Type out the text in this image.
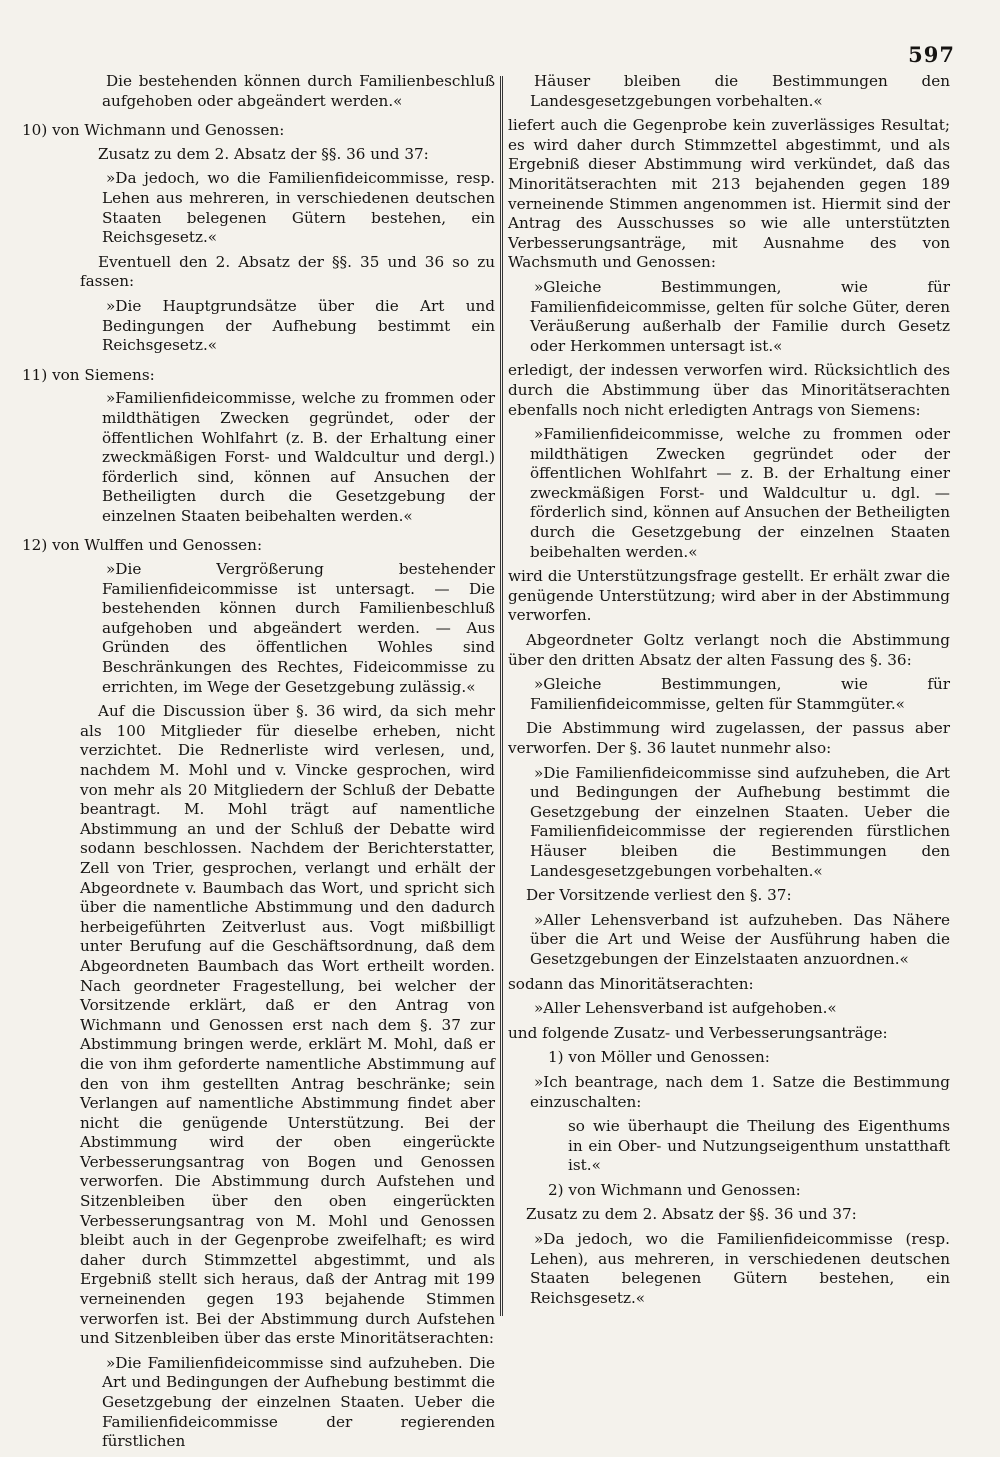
597

Die bestehenden können durch Familienbeschluß aufgehoben oder abgeändert werden.«

10) von Wichmann und Genossen:

Zusatz zu dem 2. Absatz der §§. 36 und 37:

»Da jedoch, wo die Familienfideicommisse, resp. Lehen aus mehreren, in verschiedenen deutschen Staaten belegenen Gütern bestehen, ein Reichsgesetz.«

Eventuell den 2. Absatz der §§. 35 und 36 so zu fassen:

»Die Hauptgrundsätze über die Art und Bedingungen der Aufhebung bestimmt ein Reichsgesetz.«

11) von Siemens:

»Familienfideicommisse, welche zu frommen oder mildthätigen Zwecken gegründet, oder der öffentlichen Wohlfahrt (z. B. der Erhaltung einer zweckmäßigen Forst- und Waldcultur und dergl.) förderlich sind, können auf Ansuchen der Betheiligten durch die Gesetzgebung der einzelnen Staaten beibehalten werden.«

12) von Wulffen und Genossen:

»Die Vergrößerung bestehender Familienfideicommisse ist untersagt. — Die bestehenden können durch Familienbeschluß aufgehoben und abgeändert werden. — Aus Gründen des öffentlichen Wohles sind Beschränkungen des Rechtes, Fideicommisse zu errichten, im Wege der Gesetzgebung zulässig.«

Auf die Discussion über §. 36 wird, da sich mehr als 100 Mitglieder für dieselbe erheben, nicht verzichtet. Die Rednerliste wird verlesen, und, nachdem M. Mohl und v. Vincke gesprochen, wird von mehr als 20 Mitgliedern der Schluß der Debatte beantragt. M. Mohl trägt auf namentliche Abstimmung an und der Schluß der Debatte wird sodann beschlossen. Nachdem der Berichterstatter, Zell von Trier, gesprochen, verlangt und erhält der Abgeordnete v. Baumbach das Wort, und spricht sich über die namentliche Abstimmung und den dadurch herbeigeführten Zeitverlust aus. Vogt mißbilligt unter Berufung auf die Geschäftsordnung, daß dem Abgeordneten Baumbach das Wort ertheilt worden. Nach geordneter Fragestellung, bei welcher der Vorsitzende erklärt, daß er den Antrag von Wichmann und Genossen erst nach dem §. 37 zur Abstimmung bringen werde, erklärt M. Mohl, daß er die von ihm geforderte namentliche Abstimmung auf den von ihm gestellten Antrag beschränke; sein Verlangen auf namentliche Abstimmung findet aber nicht die genügende Unterstützung. Bei der Abstimmung wird der oben eingerückte Verbesserungsantrag von Bogen und Genossen verworfen. Die Abstimmung durch Aufstehen und Sitzenbleiben über den oben eingerückten Verbesserungsantrag von M. Mohl und Genossen bleibt auch in der Gegenprobe zweifelhaft; es wird daher durch Stimmzettel abgestimmt, und als Ergebniß stellt sich heraus, daß der Antrag mit 199 verneinenden gegen 193 bejahende Stimmen verworfen ist. Bei der Abstimmung durch Aufstehen und Sitzenbleiben über das erste Minoritätserachten:

»Die Familienfideicommisse sind aufzuheben. Die Art und Bedingungen der Aufhebung bestimmt die Gesetzgebung der einzelnen Staaten. Ueber die Familienfideicommisse der regierenden fürstlichen

Häuser bleiben die Bestimmungen den Landesgesetzgebungen vorbehalten.«

liefert auch die Gegenprobe kein zuverlässiges Resultat; es wird daher durch Stimmzettel abgestimmt, und als Ergebniß dieser Abstimmung wird verkündet, daß das Minoritätserachten mit 213 bejahenden gegen 189 verneinende Stimmen angenommen ist. Hiermit sind der Antrag des Ausschusses so wie alle unterstützten Verbesserungsanträge, mit Ausnahme des von Wachsmuth und Genossen:

»Gleiche Bestimmungen, wie für Familienfideicommisse, gelten für solche Güter, deren Veräußerung außerhalb der Familie durch Gesetz oder Herkommen untersagt ist.«

erledigt, der indessen verworfen wird. Rücksichtlich des durch die Abstimmung über das Minoritätserachten ebenfalls noch nicht erledigten Antrags von Siemens:

»Familienfideicommisse, welche zu frommen oder mildthätigen Zwecken gegründet oder der öffentlichen Wohlfahrt — z. B. der Erhaltung einer zweckmäßigen Forst- und Waldcultur u. dgl. — förderlich sind, können auf Ansuchen der Betheiligten durch die Gesetzgebung der einzelnen Staaten beibehalten werden.«

wird die Unterstützungsfrage gestellt. Er erhält zwar die genügende Unterstützung; wird aber in der Abstimmung verworfen.

Abgeordneter Goltz verlangt noch die Abstimmung über den dritten Absatz der alten Fassung des §. 36:

»Gleiche Bestimmungen, wie für Familienfideicommisse, gelten für Stammgüter.«

Die Abstimmung wird zugelassen, der passus aber verworfen. Der §. 36 lautet nunmehr also:

»Die Familienfideicommisse sind aufzuheben, die Art und Bedingungen der Aufhebung bestimmt die Gesetzgebung der einzelnen Staaten. Ueber die Familienfideicommisse der regierenden fürstlichen Häuser bleiben die Bestimmungen den Landesgesetzgebungen vorbehalten.«

Der Vorsitzende verliest den §. 37:

»Aller Lehensverband ist aufzuheben. Das Nähere über die Art und Weise der Ausführung haben die Gesetzgebungen der Einzelstaaten anzuordnen.«

sodann das Minoritätserachten:

»Aller Lehensverband ist aufgehoben.«

und folgende Zusatz- und Verbesserungsanträge:

1) von Möller und Genossen:

»Ich beantrage, nach dem 1. Satze die Bestimmung einzuschalten:

so wie überhaupt die Theilung des Eigenthums in ein Ober- und Nutzungseigenthum unstatthaft ist.«

2) von Wichmann und Genossen:

Zusatz zu dem 2. Absatz der §§. 36 und 37:

»Da jedoch, wo die Familienfideicommisse (resp. Lehen), aus mehreren, in verschiedenen deutschen Staaten belegenen Gütern bestehen, ein Reichsgesetz.«
